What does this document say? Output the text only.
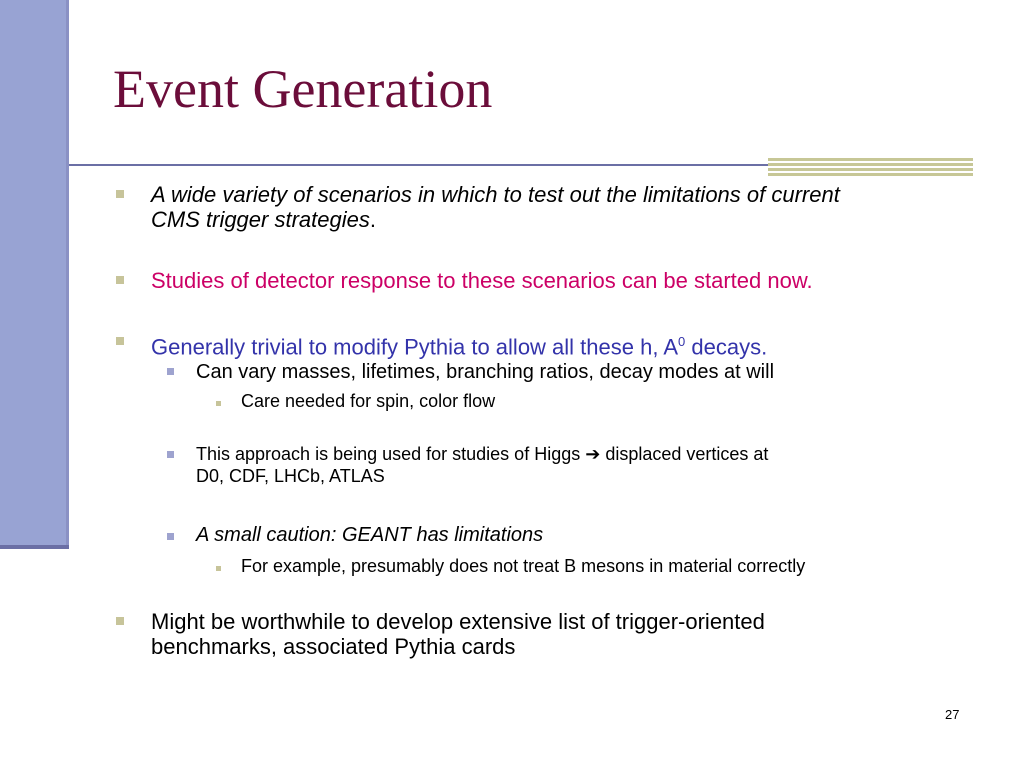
Event Generation

A wide variety of scenarios in which to test out the limitations of current

CMS trigger strategies.

Studies of detector response to these scenarios can be started now.

Generally trivial to modify Pythia to allow all these h, $A^0$ decays.

Can vary masses, lifetimes, branching ratios, decay modes at will

Care needed for spin, color flow

This approach is being used for studies of Higgs ➔ displaced vertices at

D0, CDF, LHCb, ATLAS

A small caution: GEANT has limitations

For example, presumably does not treat B mesons in material correctly

Might be worthwhile to develop extensive list of trigger-oriented

benchmarks, associated Pythia cards

27
